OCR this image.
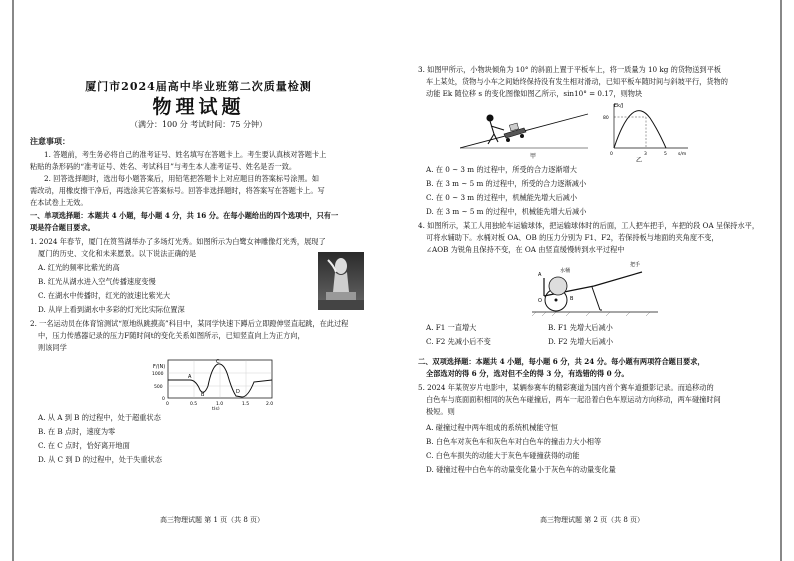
厦门市2024届高中毕业班第二次质量检测
物理试题
（满分：100 分 考试时间：75 分钟）
注意事项：
1. 答题前，考生务必将自己的准考证号、姓名填写在答题卡上。考生要认真核对答题卡上
粘贴的条形码的“准考证号、姓名、考试科目”与考生本人准考证号、姓名是否一致。
2. 回答选择题时，选出每小题答案后，用铅笔把答题卡上对应题目的答案标号涂黑。如
需改动，用橡皮擦干净后，再选涂其它答案标号。回答非选择题时，将答案写在答题卡上。写
在本试卷上无效。
一、单项选择题：本题共 4 小题，每小题 4 分，共 16 分。在每小题给出的四个选项中，只有一
项是符合题目要求。
1. 2024 年春节，厦门在筼筜湖举办了多场灯光秀。如图所示为白鹭女神雕像灯光秀，展现了
厦门的历史、文化和未来愿景。以下说法正确的是
A. 红光的频率比紫光的高
B. 红光从湖水进入空气传播速度变慢
C. 在湖水中传播时，红光的波速比紫光大
D. 从岸上看到湖水中多彩的灯光比实际位置深
2. 一名运动员在体育馆测试“原地纵跳摸高”科目中，某同学快速下蹲后立即蹬伸竖直起跳，在此过程
中，压力传感器记录的压力F随时间t的变化关系如图所示，已知竖直向上为正方向，
则该同学
F/(N)
0
500
1000
0	0.5	1.0	1.5	2.0
t(s)
A
B
C
D
A. 从 A 到 B 的过程中，处于超重状态
B. 在 B 点时，速度为零
C. 在 C 点时，恰好离开地面
D. 从 C 到 D 的过程中，处于失重状态
高三物理试题 第 1 页（共 8 页）
3. 如图甲所示，小物块倾角为 10° 的斜面上置于平板车上，将一质量为 10 kg 的货物送到平板
车上某处，货物与小车之间始终保持没有发生相对滑动，已知平板车随时间与斜坡平行，货物的
动能 Ek 随位移 s 的变化图像如图乙所示，sin10° = 0.17，则物块
甲
Ek/J
80
0	3	5 s/m
乙
A. 在 0 ~ 3 m 的过程中，所受的合力逐渐增大
B. 在 3 m ~ 5 m 的过程中，所受的合力逐渐减小
C. 在 0 ~ 3 m 的过程中，机械能先增大后减小
D. 在 3 m ~ 5 m 的过程中，机械能先增大后减小
4. 如图所示，某工人用独轮车运输球体，把运输球体时的后面，工人把车把手，车把的段 OA 呈保持水平，
可将水辅助下。水桶对板 OA、OB 的压力分别为 F1、F2，若保持板与地面的夹角度不变，
∠AOB 为锐角且保持不变，在 OA 由竖直缓慢转到水平过程中
A
O	B
水桶
把手
A. F1 一直增大	B. F1 先增大后减小
C. F2 先减小后不变	D. F2 先增大后减小
二、双项选择题：本题共 4 小题，每小题 6 分，共 24 分。每小题有两项符合题目要求，
全部选对的得 6 分，选对但不全的得 3 分，有选错的得 0 分。
5. 2024 年某贺岁片电影中，某辆参赛车的精彩赛道为国内首个赛车道摄影记录。而追移动的
白色车与底面面积相同的灰色车碰撞后，两车一起沿着白色车原运动方向移动，两车碰撞时间
极短。则
A. 碰撞过程中两车组成的系统机械能守恒
B. 白色车对灰色车和灰色车对白色车的撞击力大小相等
C. 白色车损失的动能大于灰色车碰撞获得的动能
D. 碰撞过程中白色车的动量变化量小于灰色车的动量变化量
高三物理试题 第 2 页（共 8 页）
